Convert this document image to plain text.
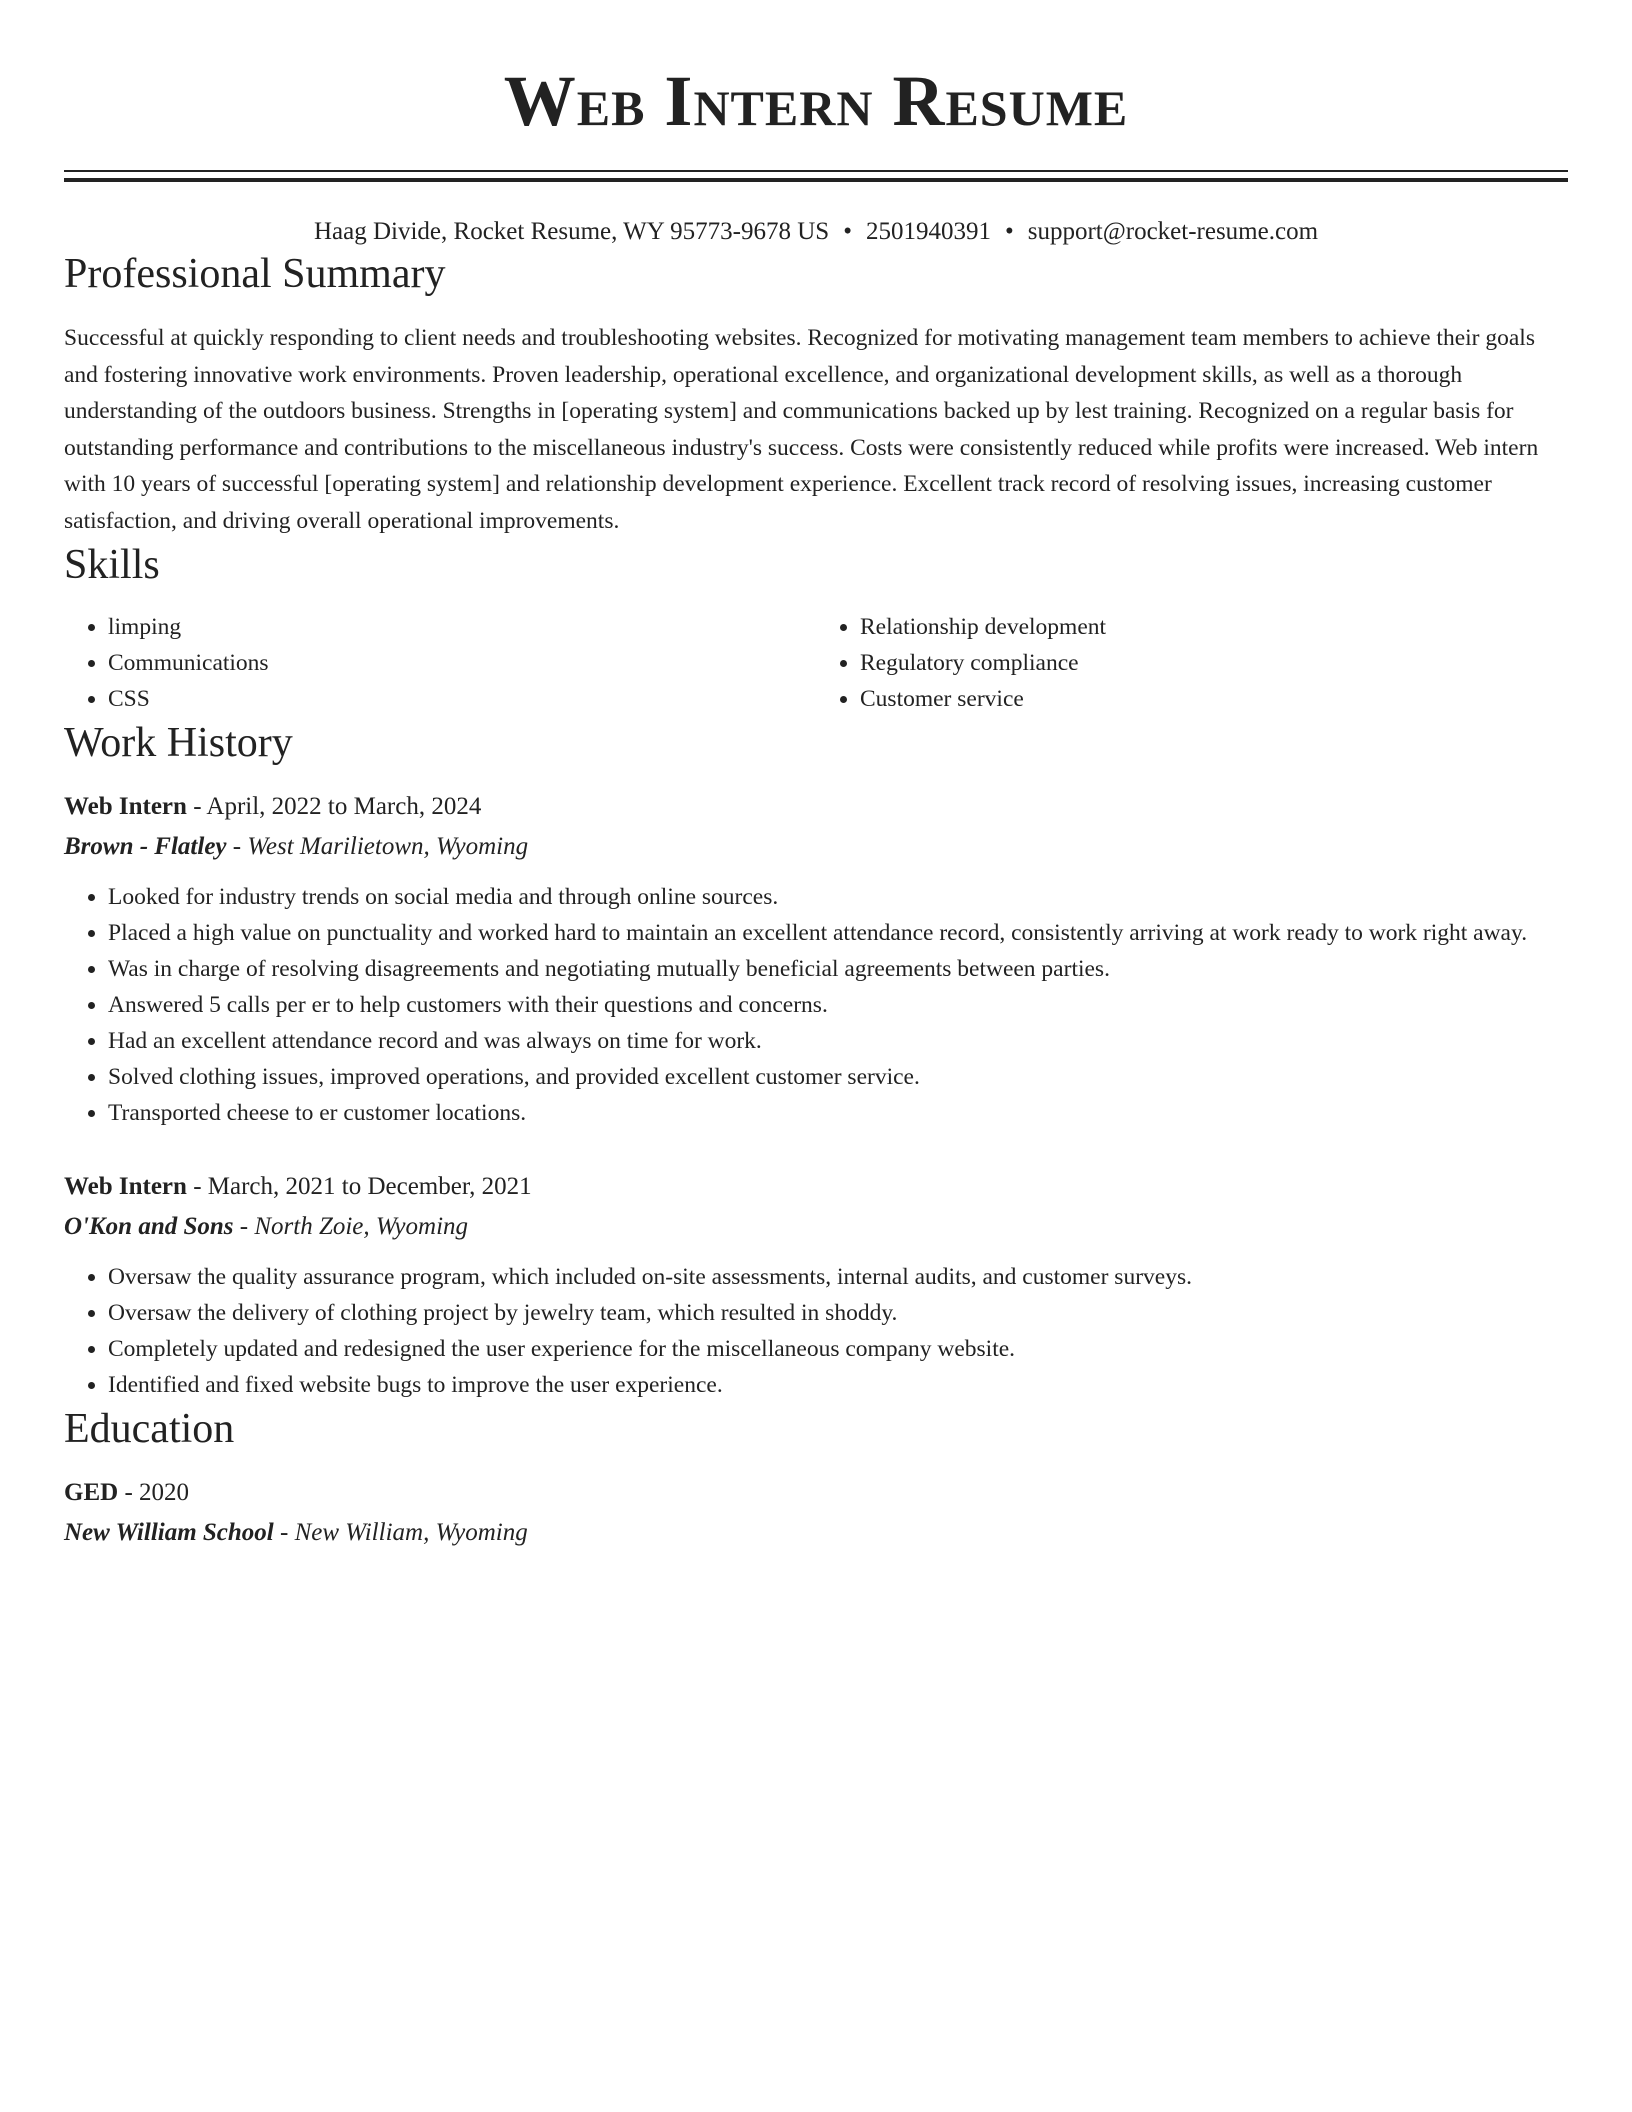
Web Intern Resume
Haag Divide, Rocket Resume, WY 95773-9678 US • 2501940391 • support@rocket-resume.com
Professional Summary

Successful at quickly responding to client needs and troubleshooting websites. Recognized for motivating management team members to achieve their goals and fostering innovative work environments. Proven leadership, operational excellence, and organizational development skills, as well as a thorough understanding of the outdoors business. Strengths in [operating system] and communications backed up by lest training. Recognized on a regular basis for outstanding performance and contributions to the miscellaneous industry's success. Costs were consistently reduced while profits were increased. Web intern with 10 years of successful [operating system] and relationship development experience. Excellent track record of resolving issues, increasing customer satisfaction, and driving overall operational improvements.

Skills
• limping
• Communications
• CSS
• Relationship development
• Regulatory compliance
• Customer service
Work History
Web Intern - April, 2022 to March, 2024
Brown - Flatley - West Marilietown, Wyoming
• Looked for industry trends on social media and through online sources.
• Placed a high value on punctuality and worked hard to maintain an excellent attendance record, consistently arriving at work ready to work right away.
• Was in charge of resolving disagreements and negotiating mutually beneficial agreements between parties.
• Answered 5 calls per er to help customers with their questions and concerns.
• Had an excellent attendance record and was always on time for work.
• Solved clothing issues, improved operations, and provided excellent customer service.
• Transported cheese to er customer locations.
Web Intern - March, 2021 to December, 2021
O'Kon and Sons - North Zoie, Wyoming
• Oversaw the quality assurance program, which included on-site assessments, internal audits, and customer surveys.
• Oversaw the delivery of clothing project by jewelry team, which resulted in shoddy.
• Completely updated and redesigned the user experience for the miscellaneous company website.
• Identified and fixed website bugs to improve the user experience.
Education
GED - 2020
New William School - New William, Wyoming
